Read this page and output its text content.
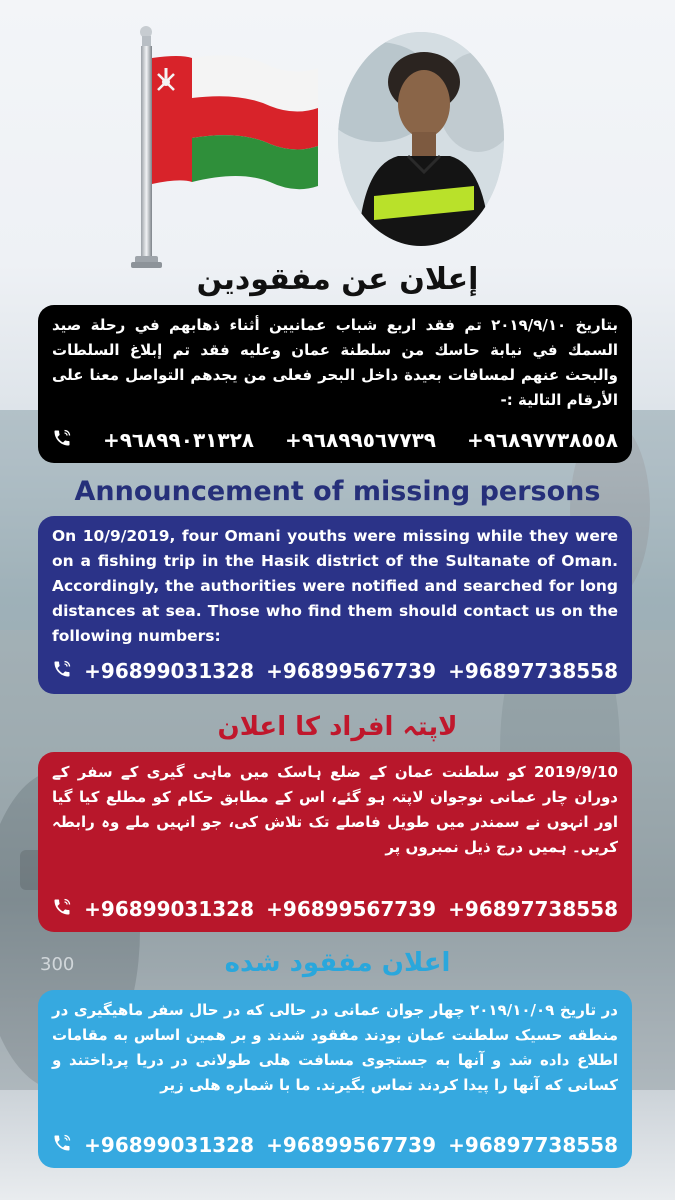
300
إعلان عن مفقودين

بتاريخ ٢٠١٩/٩/١٠ تم فقد اربع شباب عمانيين أثناء ذهابهم في رحلة صيد السمك في نيابة حاسك من سلطنة عمان وعليه فقد تم إبلاغ السلطات والبحث عنهم لمسافات بعيدة داخل البحر فعلى من يجدهم التواصل معنا على الأرقام التالية :-

+٩٦٨٩٩٠٣١٣٢٨ +٩٦٨٩٩٥٦٧٧٣٩ +٩٦٨٩٧٧٣٨٥٥٨
Announcement of missing persons

On 10/9/2019, four Omani youths were missing while they were on a fishing trip in the Hasik district of the Sultanate of Oman. Accordingly, the authorities were notified and searched for long distances at sea. Those who find them should contact us on the following numbers:

+96899031328 +96899567739 +96897738558
لاپتہ افراد کا اعلان

2019/9/10 کو سلطنت عمان کے ضلع ہاسک میں ماہی گیری کے سفر کے دوران چار عمانی نوجوان لاپتہ ہو گئے، اس کے مطابق حکام کو مطلع کیا گیا اور انہوں نے سمندر میں طویل فاصلے تک تلاش کی، جو انہیں ملے وہ رابطہ کریں۔ ہمیں درج ذیل نمبروں پر

+96899031328 +96899567739 +96897738558
اعلان مفقود شده

در تاریخ ۲۰۱۹/۱۰/۰۹ چهار جوان عمانی در حالی که در حال سفر ماهیگیری در منطقه حسیک سلطنت عمان بودند مفقود شدند و بر همین اساس به مقامات اطلاع داده شد و آنها به جستجوی مسافت هلی طولانی در دریا پرداختند و کسانی که آنها را پیدا کردند تماس بگیرند. ما با شماره هلی زیر

+96899031328 +96899567739 +96897738558
